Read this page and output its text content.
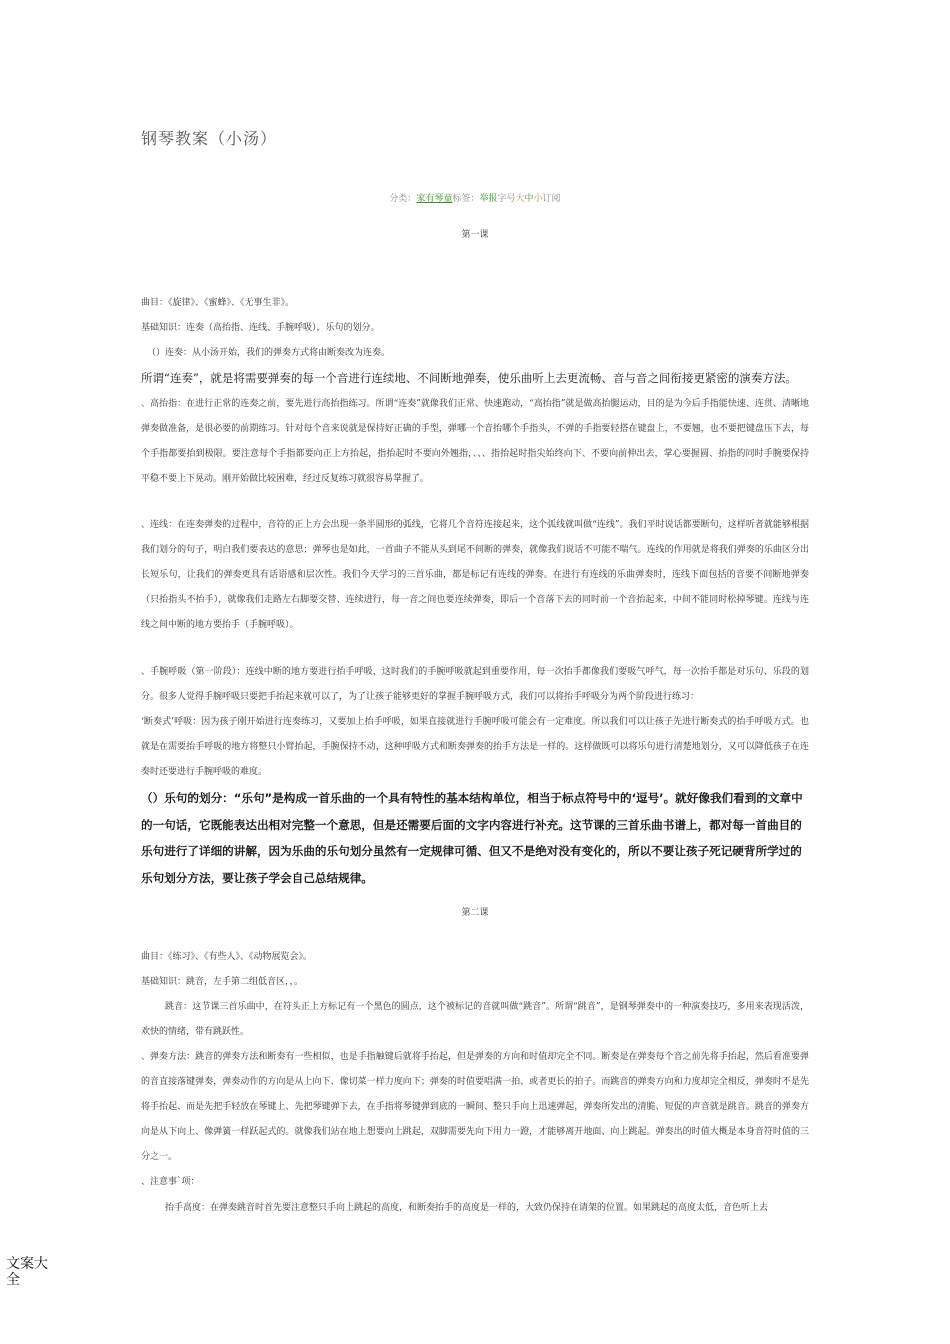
钢琴教案（小汤）
分类：家有琴童标签：举报字号大中小订阅
第一课

曲目：《旋律》、《蜜蜂》、《无事生非》。

基础知识：连奏（高抬指、连线、手腕呼吸），乐句的划分。

（）连奏：从小汤开始，我们的弹奏方式将由断奏改为连奏。

所谓“连奏”，就是将需要弹奏的每一个音进行连续地、不间断地弹奏，使乐曲听上去更流畅、音与音之间衔接更紧密的演奏方法。

、高抬指：在进行正常的连奏之前，要先进行高抬指练习。所谓“连奏”就像我们正常、快速跑动，“高抬指”就是做高抬腿运动，目的是为今后手指能快速、连贯、清晰地弹奏做准备，是很必要的前期练习。针对每个音来说就是保持好正确的手型，弹哪一个音抬哪个手指头，不弹的手指要轻搭在键盘上，不要翘，也不要把键盘压下去，每个手指都要抬到极限。要注意每个手指都要向正上方抬起，指抬起时不要向外翘指，、、、指抬起时指尖始终向下、不要向前伸出去，掌心要握圆、抬指的同时手腕要保持平稳不要上下晃动。刚开始做比较困难，经过反复练习就很容易掌握了。

、连线：在连奏弹奏的过程中，音符的正上方会出现一条半圆形的弧线，它将几个音符连接起来，这个弧线就叫做“连线”。我们平时说话都要断句，这样听者就能够根据我们划分的句子，明白我们要表达的意思；弹琴也是如此，一首曲子不能从头到尾不间断的弹奏，就像我们说话不可能不喘气。连线的作用就是将我们弹奏的乐曲区分出长短乐句，让我们的弹奏更具有话语感和层次性。我们今天学习的三首乐曲，都是标记有连线的弹奏。在进行有连线的乐曲弹奏时，连线下面包括的音要不间断地弹奏（只抬指头不抬手），就像我们走路左右脚要交替、连续进行，每一音之间也要连续弹奏，即后一个音落下去的同时前一个音抬起来，中间不能同时松掉琴键。连线与连线之间中断的地方要抬手（手腕呼吸）。

、手腕呼吸（第一阶段）：连线中断的地方要进行抬手呼吸，这时我们的手腕呼吸就起到重要作用，每一次抬手都像我们要吸气呼气，每一次抬手都是对乐句、乐段的划分。很多人觉得手腕呼吸只要把手抬起来就可以了，为了让孩子能够更好的掌握手腕呼吸方式，我们可以将抬手呼吸分为两个阶段进行练习：

‘断奏式’呼吸：因为孩子刚开始进行连奏练习，又要加上抬手呼吸，如果直接就进行手腕呼吸可能会有一定难度。所以我们可以让孩子先进行断奏式的抬手呼吸方式。也就是在需要抬手呼吸的地方将整只小臂抬起，手腕保持不动，这种呼吸方式和断奏弹奏的抬手方法是一样的。这样做既可以将乐句进行清楚地划分，又可以降低孩子在连奏时还要进行手腕呼吸的难度。

（）乐句的划分：“乐句”是构成一首乐曲的一个具有特性的基本结构单位，相当于标点符号中的‘逗号’。就好像我们看到的文章中的一句话，它既能表达出相对完整一个意思，但是还需要后面的文字内容进行补充。这节课的三首乐曲书谱上，都对每一首曲目的乐句进行了详细的讲解，因为乐曲的乐句划分虽然有一定规律可循、但又不是绝对没有变化的，所以不要让孩子死记硬背所学过的乐句划分方法，要让孩子学会自己总结规律。

第二课

曲目：《练习》、《有些人》、《动物展览会》。

基础知识：跳音，左手第二组低音区，，。

跳音：这节课三首乐曲中，在符头正上方标记有一个黑色的圆点，这个被标记的音就叫做“跳音”。所谓“跳音”，是钢琴弹奏中的一种演奏技巧，多用来表现活泼，欢快的情绪，带有跳跃性。

、弹奏方法：跳音的弹奏方法和断奏有一些相似，也是手指触键后就将手抬起，但是弹奏的方向和时值却完全不同。断奏是在弹奏每个音之前先将手抬起，然后看准要弹的音直接落键弹奏，弹奏动作的方向是从上向下、像切菜一样力度向下；弹奏的时值要唱满一拍、或者更长的拍子。而跳音的弹奏方向和力度却完全相反，弹奏时不是先将手抬起、而是先把手轻放在琴键上、先把琴键弹下去，在手指将琴键弹到底的一瞬间、整只手向上迅速弹起，弹奏所发出的清脆、短促的声音就是跳音。跳音的弹奏方向是从下向上、像弹簧一样跃起式的。就像我们站在地上想要向上跳起，双脚需要先向下用力一蹬，才能够离开地面、向上跳起。弹奏出的时值大概是本身音符时值的三分之一。

、注意事`项：

抬手高度：在弹奏跳音时首先要注意整只手向上跳起的高度，和断奏抬手的高度是一样的，大致仍保持在请架的位置。如果跳起的高度太低，音色听上去

文案大全
